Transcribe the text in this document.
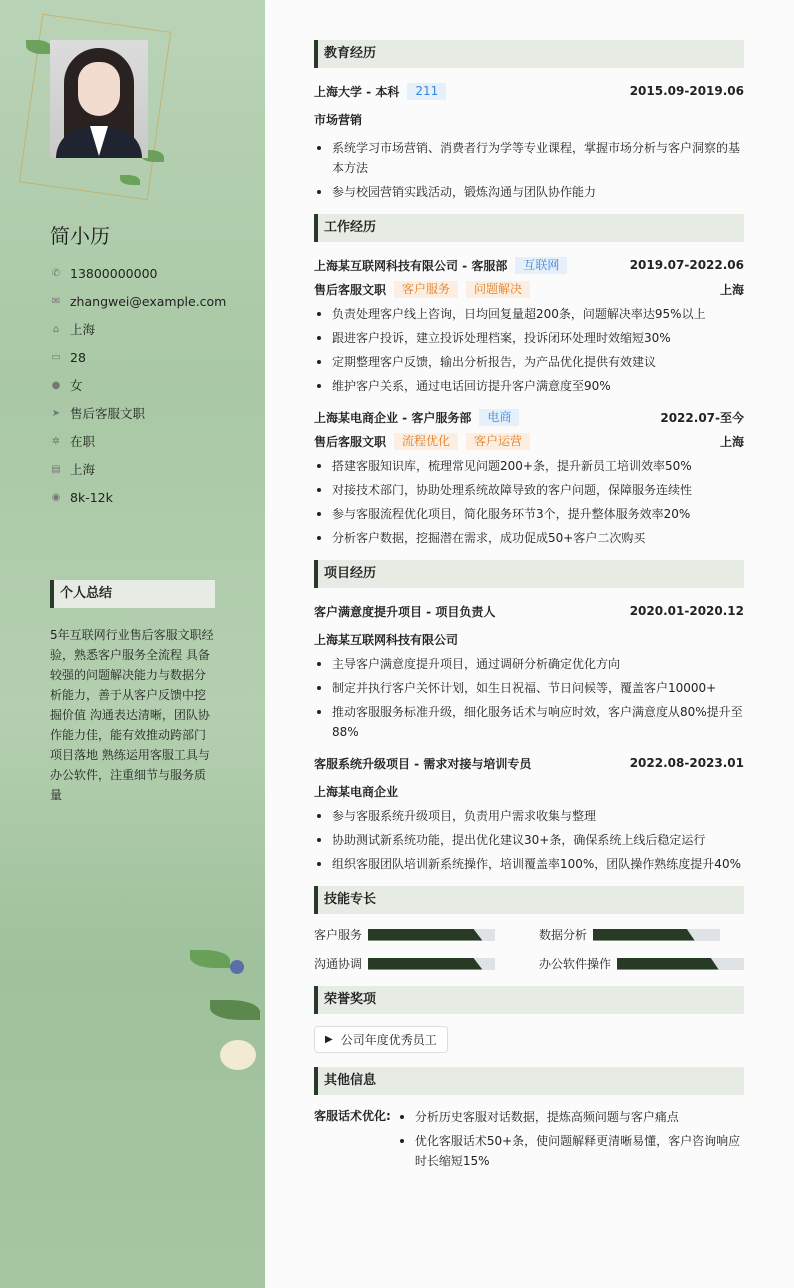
简小历
✆ 13800000000
✉ zhangwei@example.com
⌂ 上海
▭ 28
● 女
➤ 售后客服文职
✲ 在职
▤ 上海
◉ 8k-12k
个人总结
5年互联网行业售后客服文职经验，熟悉客户服务全流程 具备较强的问题解决能力与数据分析能力，善于从客户反馈中挖掘价值 沟通表达清晰，团队协作能力佳，能有效推动跨部门项目落地 熟练运用客服工具与办公软件，注重细节与服务质量
教育经历
上海大学 - 本科	211	2015.09-2019.06
市场营销
系统学习市场营销、消费者行为学等专业课程，掌握市场分析与客户洞察的基本方法
参与校园营销实践活动，锻炼沟通与团队协作能力
工作经历
上海某互联网科技有限公司 - 客服部	互联网	2019.07-2022.06
售后客服文职	客户服务	问题解决	上海
负责处理客户线上咨询，日均回复量超200条，问题解决率达95%以上
跟进客户投诉，建立投诉处理档案，投诉闭环处理时效缩短30%
定期整理客户反馈，输出分析报告，为产品优化提供有效建议
维护客户关系，通过电话回访提升客户满意度至90%
上海某电商企业 - 客户服务部	电商	2022.07-至今
售后客服文职	流程优化	客户运营	上海
搭建客服知识库，梳理常见问题200+条，提升新员工培训效率50%
对接技术部门，协助处理系统故障导致的客户问题，保障服务连续性
参与客服流程优化项目，简化服务环节3个，提升整体服务效率20%
分析客户数据，挖掘潜在需求，成功促成50+客户二次购买
项目经历
客户满意度提升项目 - 项目负责人	2020.01-2020.12
上海某互联网科技有限公司
主导客户满意度提升项目，通过调研分析确定优化方向
制定并执行客户关怀计划，如生日祝福、节日问候等，覆盖客户10000+
推动客服服务标准升级，细化服务话术与响应时效，客户满意度从80%提升至88%
客服系统升级项目 - 需求对接与培训专员	2022.08-2023.01
上海某电商企业
参与客服系统升级项目，负责用户需求收集与整理
协助测试新系统功能，提出优化建议30+条，确保系统上线后稳定运行
组织客服团队培训新系统操作，培训覆盖率100%，团队操作熟练度提升40%
技能专长
客户服务	数据分析
沟通协调	办公软件操作
荣誉奖项
▶ 公司年度优秀员工
其他信息
客服话术优化:	分析历史客服对话数据，提炼高频问题与客户痛点
优化客服话术50+条，使问题解释更清晰易懂，客户咨询响应时长缩短15%
